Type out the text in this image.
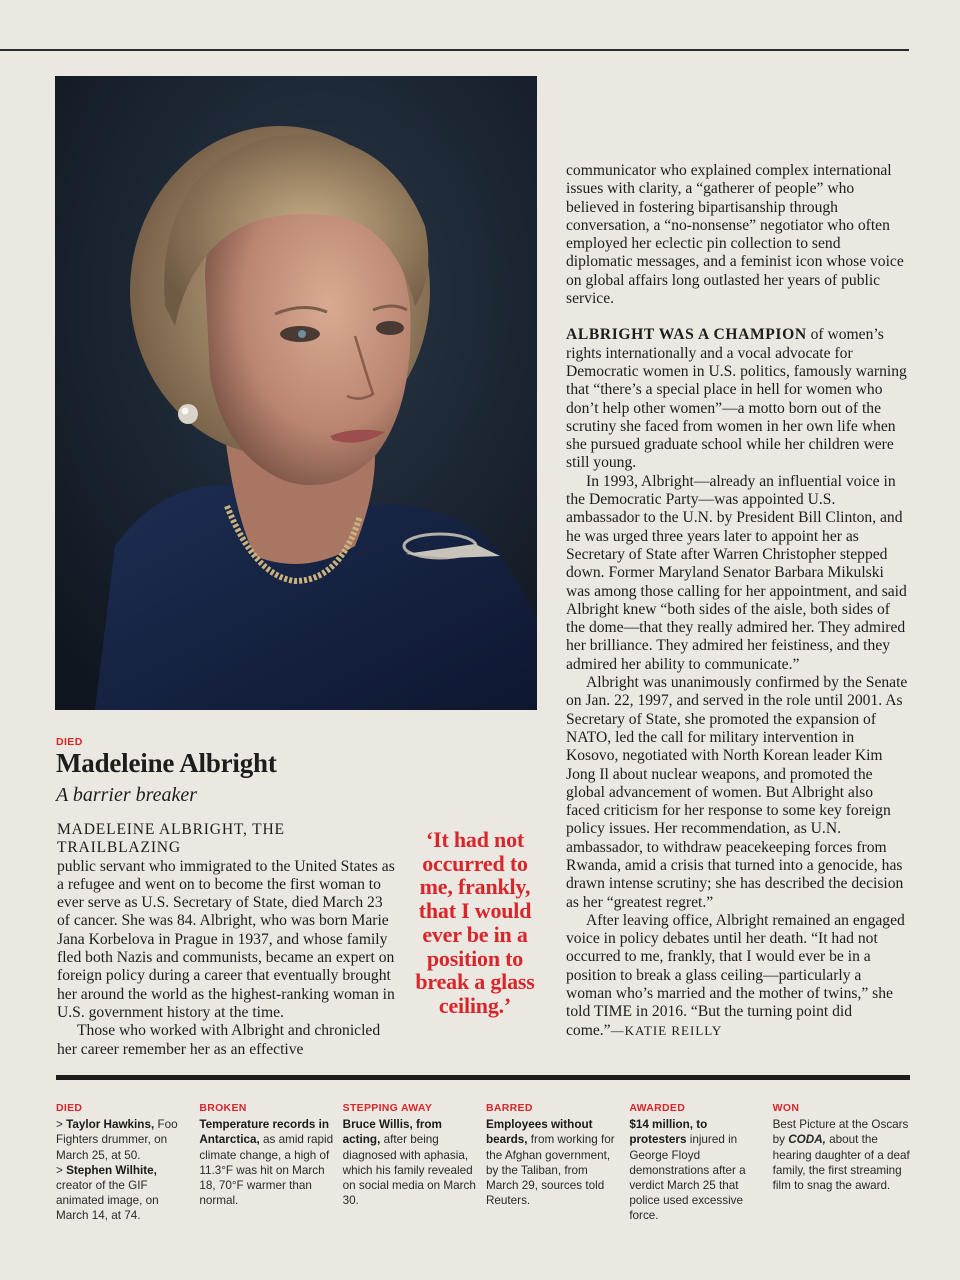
DIED
Madeleine Albright
A barrier breaker

MADELEINE ALBRIGHT, THE TRAILBLAZING
public servant who immigrated to the United States as a refugee and went on to become the first woman to ever serve as U.S. Secretary of State, died March 23 of cancer. She was 84. Albright, who was born Marie Jana Korbelova in Prague in 1937, and whose family fled both Nazis and communists, became an expert on foreign policy during a career that eventually brought her around the world as the highest-ranking woman in U.S. government history at the time.

Those who worked with Albright and chronicled her career remember her as an effective

‘It had not occurred to me, frankly, that I would ever be in a position to break a glass ceiling.’

communicator who explained complex international issues with clarity, a “gatherer of people” who believed in fostering bipartisanship through conversation, a “no-nonsense” negotiator who often employed her eclectic pin collection to send diplomatic messages, and a feminist icon whose voice on global affairs long outlasted her years of public service.

ALBRIGHT WAS A CHAMPION of women’s rights internationally and a vocal advocate for Democratic women in U.S. politics, famously warning that “there’s a special place in hell for women who don’t help other women”—a motto born out of the scrutiny she faced from women in her own life when she pursued graduate school while her children were still young.

In 1993, Albright—already an influential voice in the Democratic Party—was appointed U.S. ambassador to the U.N. by President Bill Clinton, and he was urged three years later to appoint her as Secretary of State after Warren Christopher stepped down. Former Maryland Senator Barbara Mikulski was among those calling for her appointment, and said Albright knew “both sides of the aisle, both sides of the dome—that they really admired her. They admired her brilliance. They admired her feistiness, and they admired her ability to communicate.”

Albright was unanimously confirmed by the Senate on Jan. 22, 1997, and served in the role until 2001. As Secretary of State, she promoted the expansion of NATO, led the call for military intervention in Kosovo, negotiated with North Korean leader Kim Jong Il about nuclear weapons, and promoted the global advancement of women. But Albright also faced criticism for her response to some key foreign policy issues. Her recommendation, as U.N. ambassador, to withdraw peacekeeping forces from Rwanda, amid a crisis that turned into a genocide, has drawn intense scrutiny; she has described the decision as her “greatest regret.”

After leaving office, Albright remained an engaged voice in policy debates until her death. “It had not occurred to me, frankly, that I would ever be in a position to break a glass ceiling—particularly a woman who’s married and the mother of twins,” she told TIME in 2016. “But the turning point did come.”—KATIE REILLY

DIED
> Taylor Hawkins, Foo Fighters drummer, on March 25, at 50.
> Stephen Wilhite, creator of the GIF animated image, on March 14, at 74.
BROKEN
Temperature records in Antarctica, as amid rapid climate change, a high of 11.3°F was hit on March 18, 70°F warmer than normal.
STEPPING AWAY
Bruce Willis, from acting, after being diagnosed with aphasia, which his family revealed on social media on March 30.
BARRED
Employees without beards, from working for the Afghan government, by the Taliban, from March 29, sources told Reuters.
AWARDED
$14 million, to protesters injured in George Floyd demonstrations after a verdict March 25 that police used excessive force.
WON
Best Picture at the Oscars by CODA, about the hearing daughter of a deaf family, the first streaming film to snag the award.
